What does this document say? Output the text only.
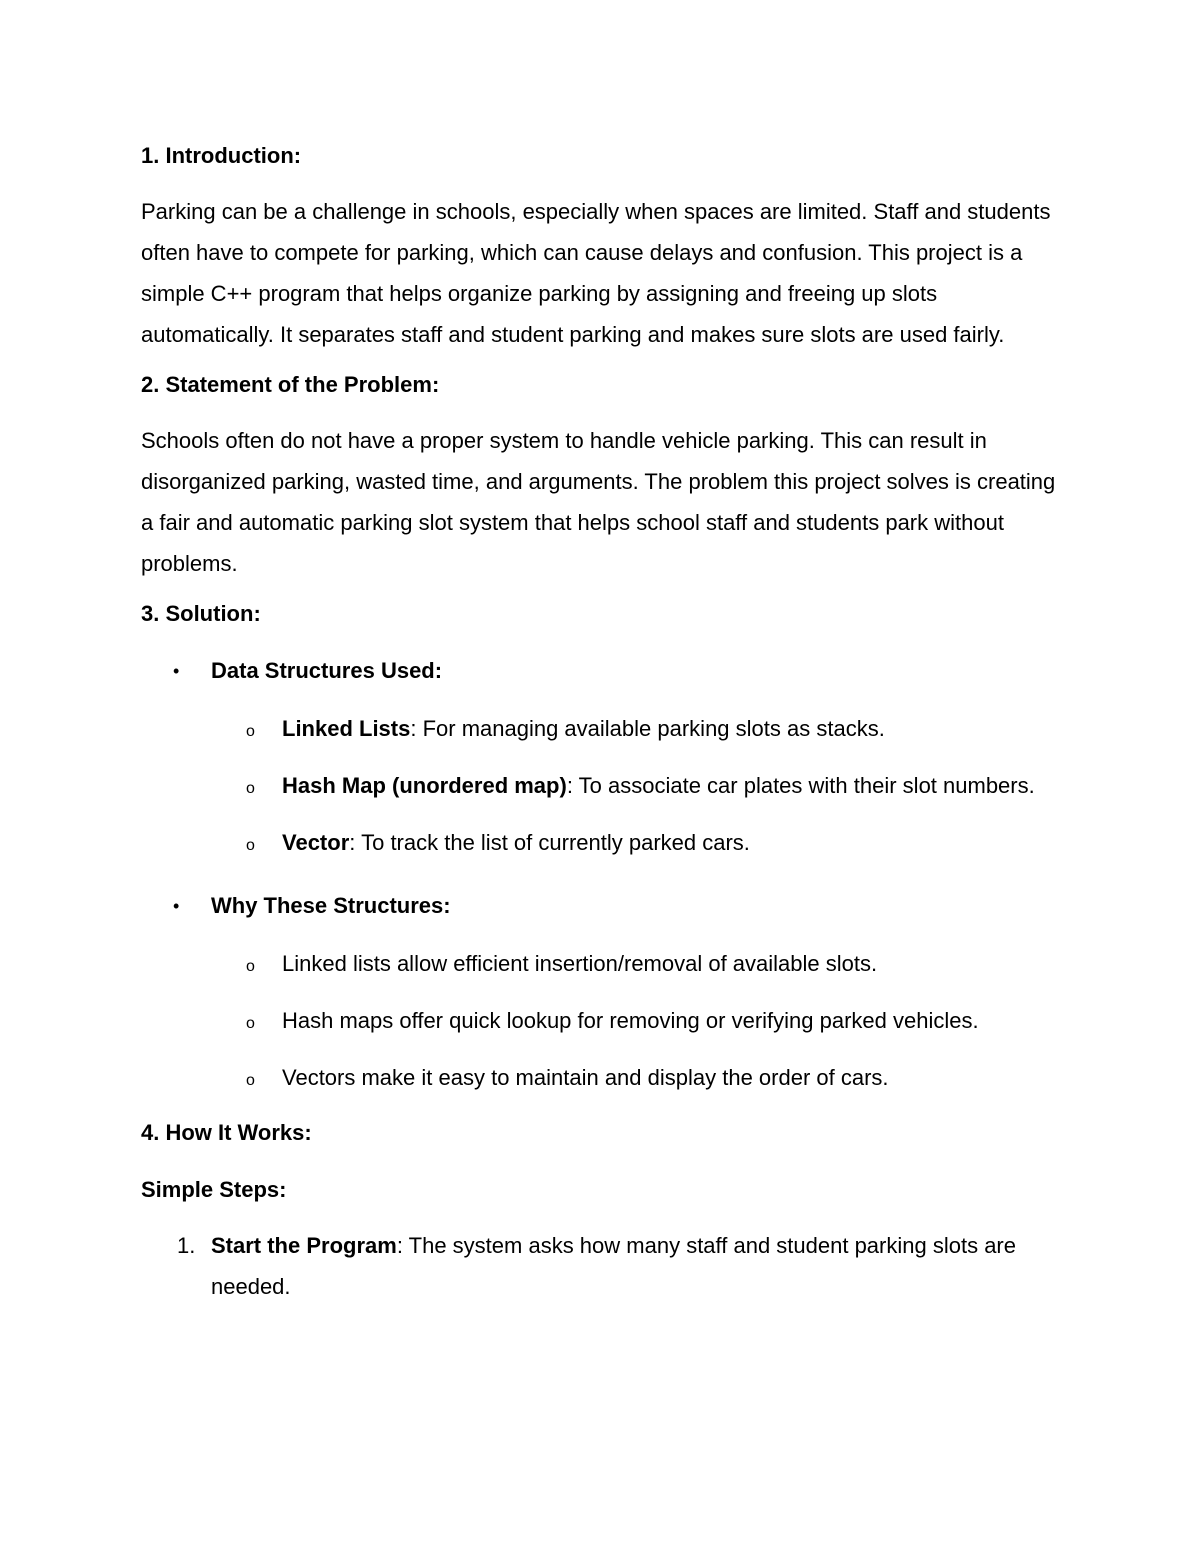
1. Introduction:

Parking can be a challenge in schools, especially when spaces are limited. Staff and students often have to compete for parking, which can cause delays and confusion. This project is a simple C++ program that helps organize parking by assigning and freeing up slots automatically. It separates staff and student parking and makes sure slots are used fairly.

2. Statement of the Problem:

Schools often do not have a proper system to handle vehicle parking. This can result in disorganized parking, wasted time, and arguments. The problem this project solves is creating a fair and automatic parking slot system that helps school staff and students park without problems.

3. Solution:

• Data Structures Used:
o Linked Lists: For managing available parking slots as stacks.
o Hash Map (unordered map): To associate car plates with their slot numbers.
o Vector: To track the list of currently parked cars.
• Why These Structures:
o Linked lists allow efficient insertion/removal of available slots.
o Hash maps offer quick lookup for removing or verifying parked vehicles.
o Vectors make it easy to maintain and display the order of cars.

4. How It Works:

Simple Steps:

1. Start the Program: The system asks how many staff and student parking slots are needed.
